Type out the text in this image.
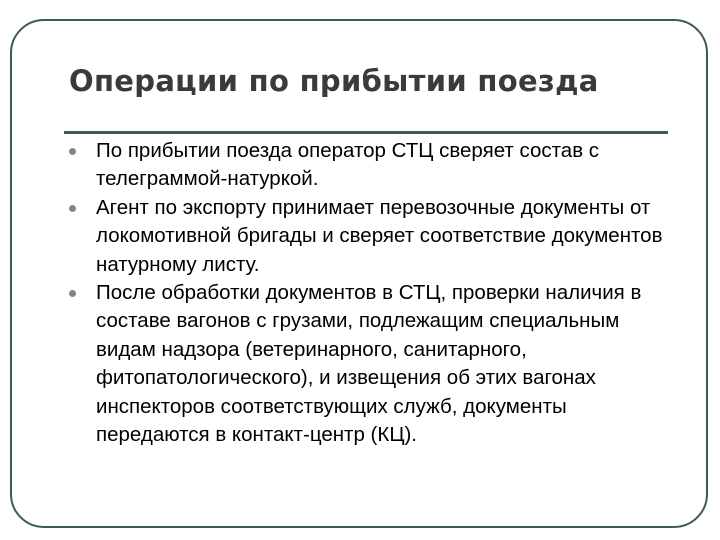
Операции по прибытии поезда
По прибытии поезда оператор СТЦ сверяет состав с телеграммой-натуркой.
Агент по экспорту принимает перевозочные документы от локомотивной бригады и сверяет соответствие документов натурному листу.
После обработки документов в СТЦ, проверки наличия в составе вагонов с грузами, подлежащим специальным видам надзора (ветеринарного, санитарного, фитопатологического), и извещения об этих вагонах инспекторов соответствующих служб, документы передаются в контакт-центр (КЦ).
